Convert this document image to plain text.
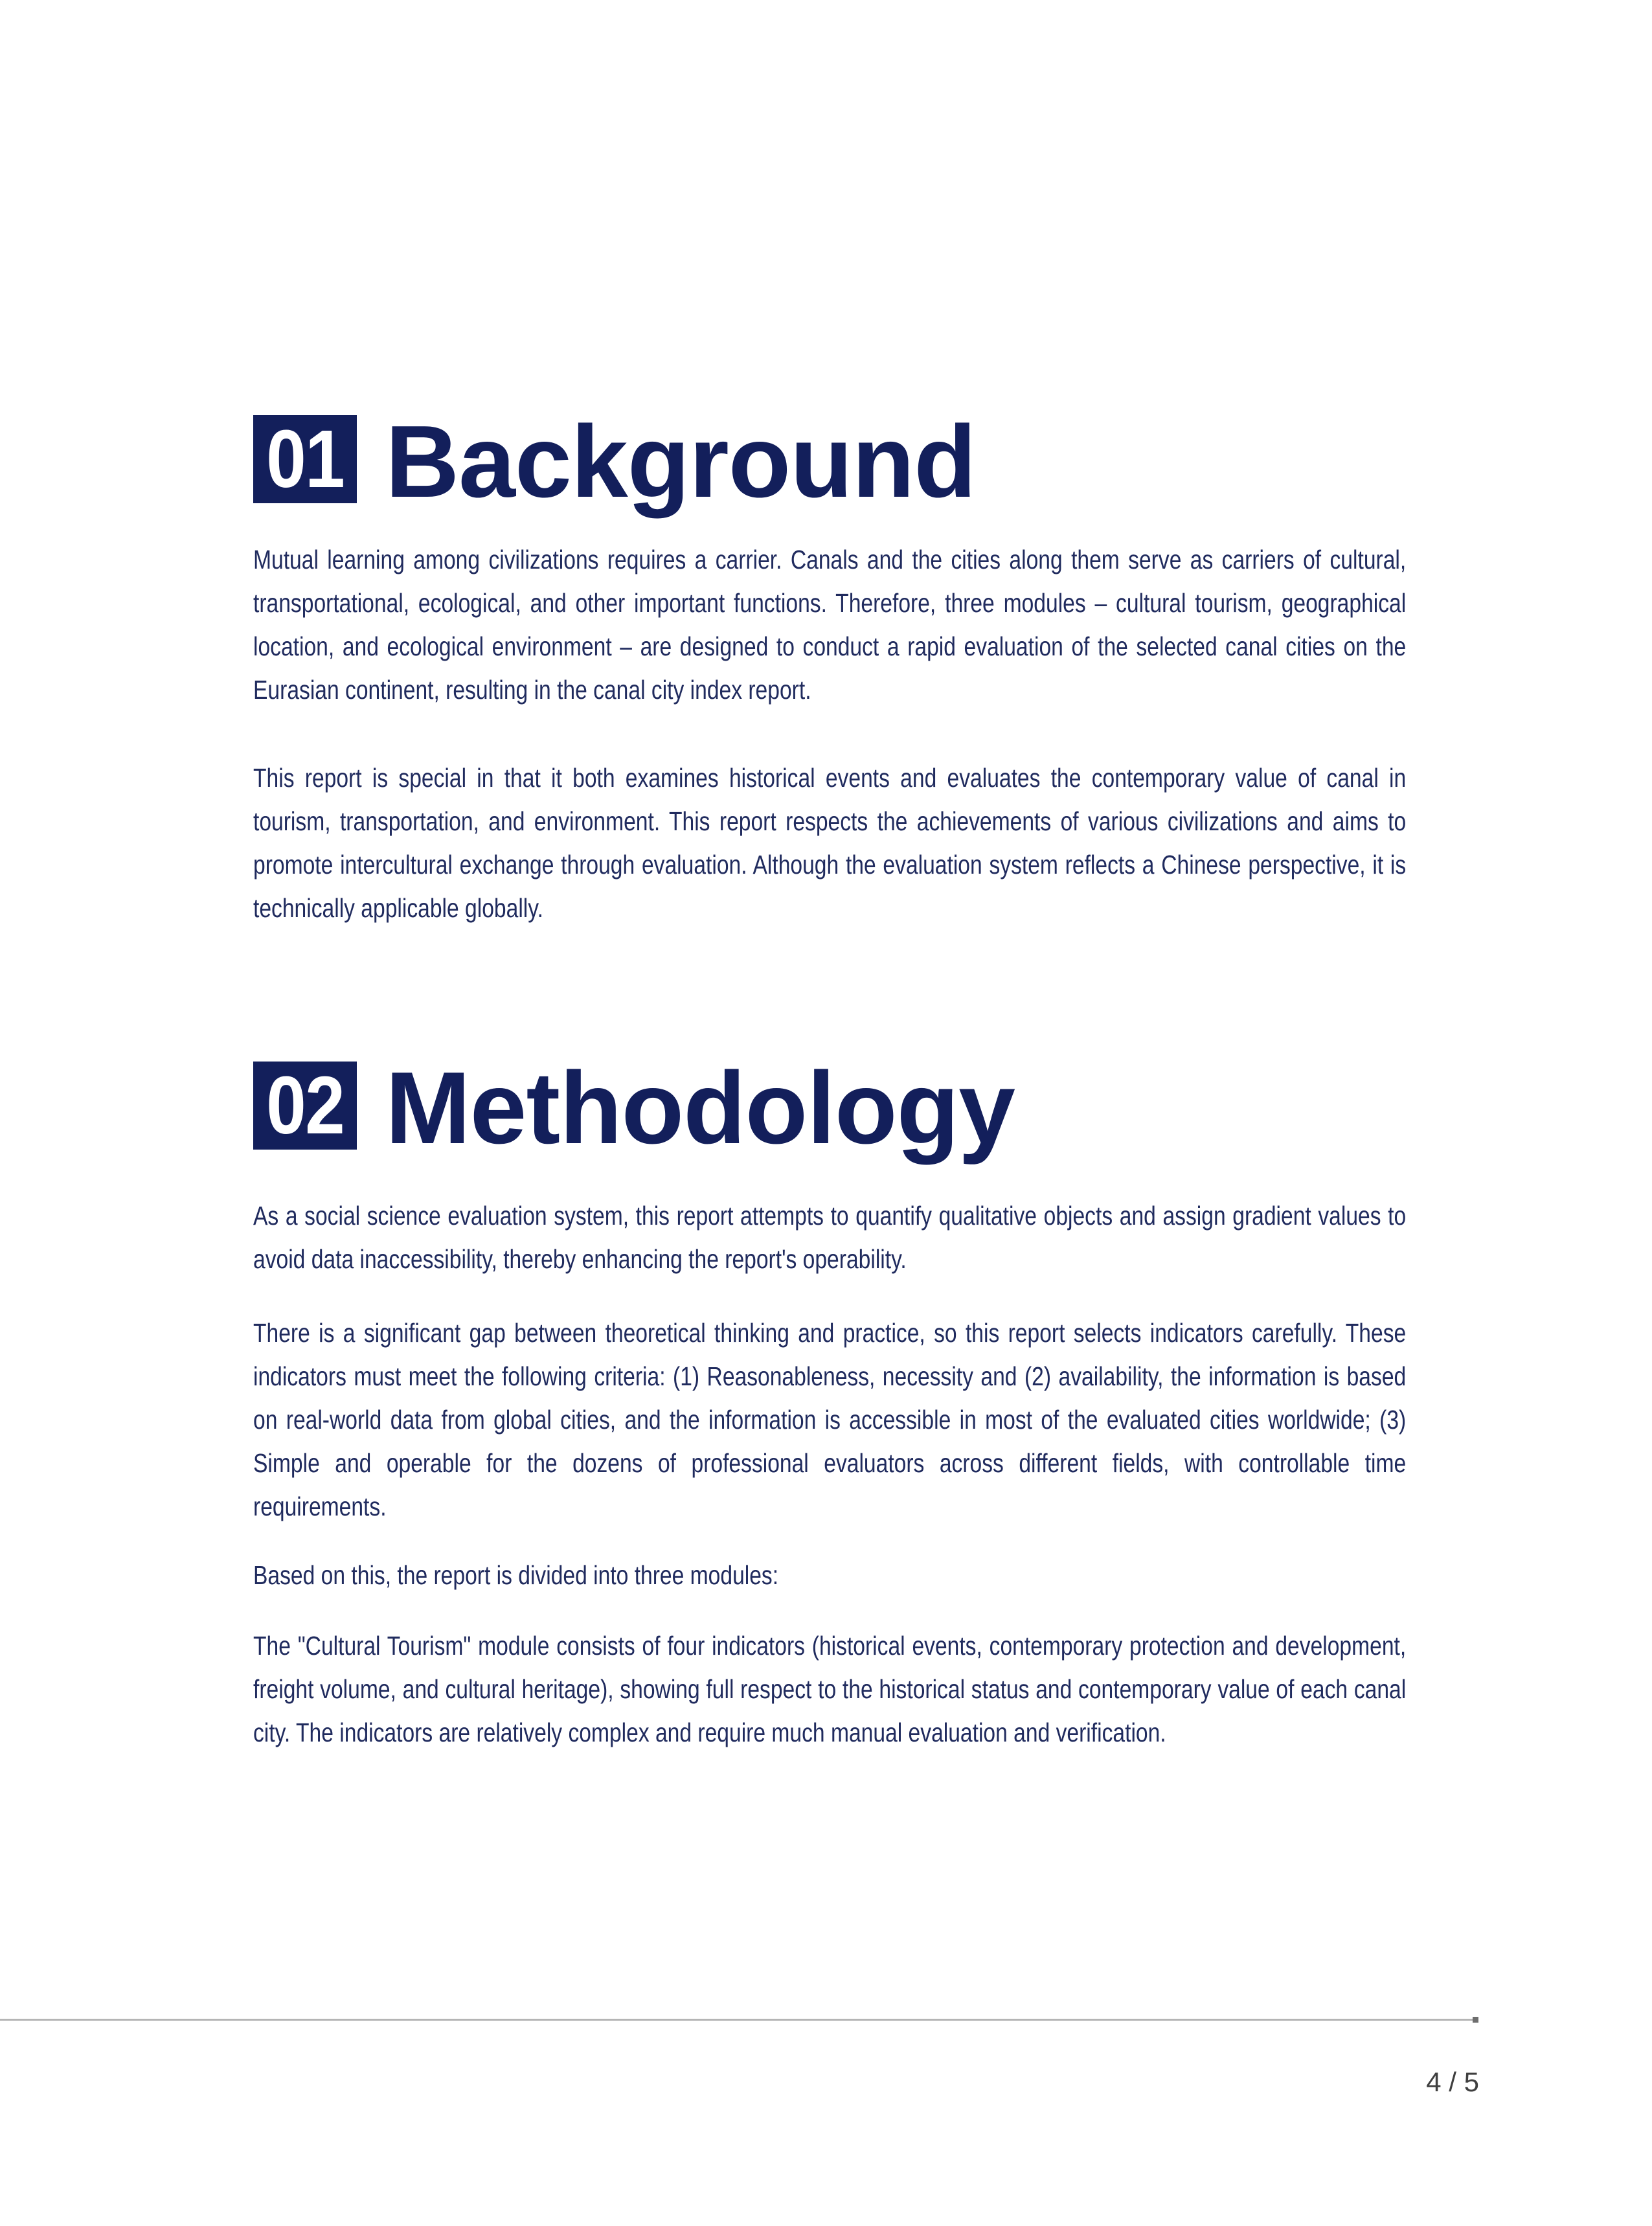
01 Background

Mutual learning among civilizations requires a carrier. Canals and the cities along them serve as carriers of cultural, transportational, ecological, and other important functions. Therefore, three modules – cultural tourism, geographical location, and ecological environment – are designed to conduct a rapid evaluation of the selected canal cities on the Eurasian continent, resulting in the canal city index report.

This report is special in that it both examines historical events and evaluates the contemporary value of canal in tourism, transportation, and environment. This report respects the achievements of various civilizations and aims to promote intercultural exchange through evaluation. Although the evaluation system reflects a Chinese perspective, it is technically applicable globally.

02 Methodology

As a social science evaluation system, this report attempts to quantify qualitative objects and assign gradient values to avoid data inaccessibility, thereby enhancing the report's operability.

There is a significant gap between theoretical thinking and practice, so this report selects indicators carefully. These indicators must meet the following criteria: (1) Reasonableness, necessity and (2) availability, the information is based on real-world data from global cities, and the information is accessible in most of the evaluated cities worldwide; (3) Simple and operable for the dozens of professional evaluators across different fields, with controllable time requirements.

Based on this, the report is divided into three modules:

The "Cultural Tourism" module consists of four indicators (historical events, contemporary protection and development, freight volume, and cultural heritage), showing full respect to the historical status and contemporary value of each canal city. The indicators are relatively complex and require much manual evaluation and verification.

4 / 5
